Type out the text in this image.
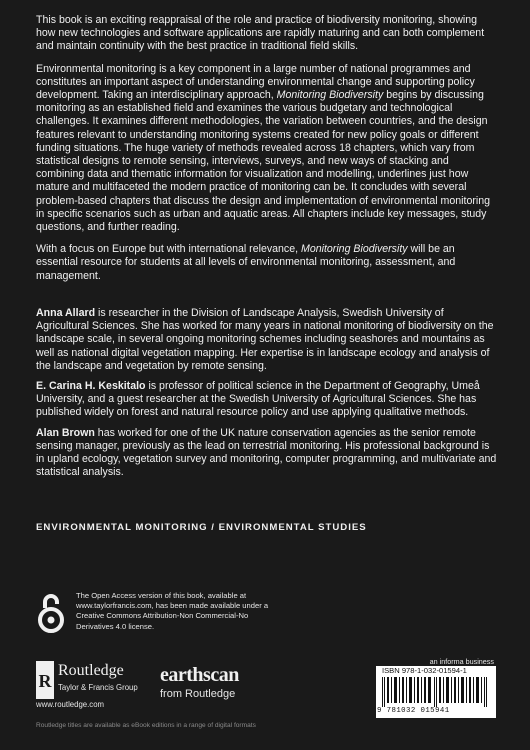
This book is an exciting reappraisal of the role and practice of biodiversity monitoring, showing how new technologies and software applications are rapidly maturing and can both complement and maintain continuity with the best practice in traditional field skills.

Environmental monitoring is a key component in a large number of national programmes and constitutes an important aspect of understanding environmental change and supporting policy development. Taking an interdisciplinary approach, Monitoring Biodiversity begins by discussing monitoring as an established field and examines the various budgetary and technological challenges. It examines different methodologies, the variation between countries, and the design features relevant to understanding monitoring systems created for new policy goals or different funding situations. The huge variety of methods revealed across 18 chapters, which vary from statistical designs to remote sensing, interviews, surveys, and new ways of stacking and combining data and thematic information for visualization and modelling, underlines just how mature and multifaceted the modern practice of monitoring can be. It concludes with several problem-based chapters that discuss the design and implementation of environmental monitoring in specific scenarios such as urban and aquatic areas. All chapters include key messages, study questions, and further reading.

With a focus on Europe but with international relevance, Monitoring Biodiversity will be an essential resource for students at all levels of environmental monitoring, assessment, and management.

Anna Allard is researcher in the Division of Landscape Analysis, Swedish University of Agricultural Sciences. She has worked for many years in national monitoring of biodiversity on the landscape scale, in several ongoing monitoring schemes including seashores and mountains as well as national digital vegetation mapping. Her expertise is in landscape ecology and analysis of the landscape and vegetation by remote sensing.

E. Carina H. Keskitalo is professor of political science in the Department of Geography, Umeå University, and a guest researcher at the Swedish University of Agricultural Sciences. She has published widely on forest and natural resource policy and use applying qualitative methods.

Alan Brown has worked for one of the UK nature conservation agencies as the senior remote sensing manager, previously as the lead on terrestrial monitoring. His professional background is in upland ecology, vegetation survey and monitoring, computer programming, and multivariate and statistical analysis.

ENVIRONMENTAL MONITORING / ENVIRONMENTAL STUDIES
The Open Access version of this book, available at www.taylorfrancis.com, has been made available under a Creative Commons Attribution-Non Commercial-No Derivatives 4.0 license.
R
Routledge
Taylor & Francis Group
www.routledge.com
earthscan
from Routledge
an informa business
ISBN 978-1-032-01594-1
9 781032 015941
Routledge titles are available as eBook editions in a range of digital formats
